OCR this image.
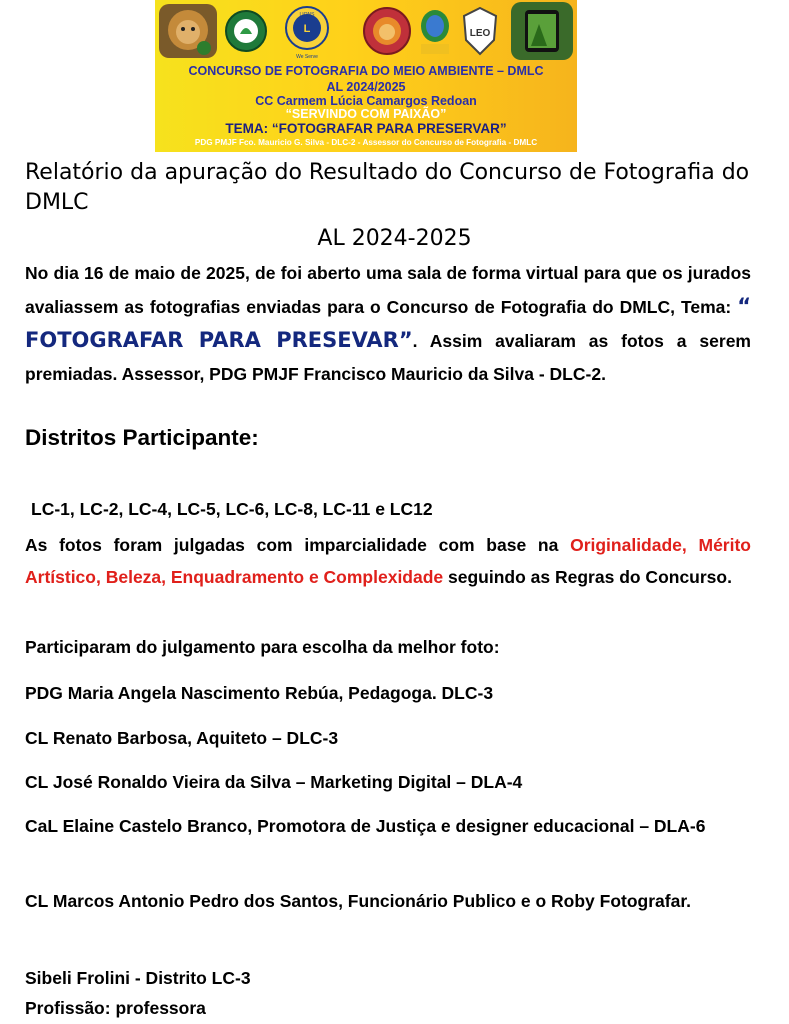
L
LIONS
We Serve
LEO
CONCURSO DE FOTOGRAFIA DO MEIO AMBIENTE – DMLC
AL 2024/2025
CC Carmem Lúcia Camargos Redoan
“SERVINDO COM PAIXÃO”
TEMA: “FOTOGRAFAR PARA PRESERVAR”
PDG PMJF Fco. Mauricio G. Silva - DLC-2 - Assessor do Concurso de Fotografia - DMLC
Relatório da apuração do Resultado do Concurso de Fotografia do DMLC
AL 2024-2025
No dia 16 de maio de 2025, de foi aberto uma sala de forma virtual para que os jurados avaliassem as fotografias enviadas para o Concurso de Fotografia do DMLC, Tema: “ FOTOGRAFAR PARA PRESEVAR”. Assim avaliaram as fotos a serem premiadas. Assessor, PDG PMJF Francisco Mauricio da Silva - DLC-2.
Distritos Participante:
LC-1, LC-2, LC-4, LC-5, LC-6, LC-8, LC-11 e LC12
As fotos foram julgadas com imparcialidade com base na Originalidade, Mérito Artístico, Beleza, Enquadramento e Complexidade seguindo as Regras do Concurso.
Participaram do julgamento para escolha da melhor foto:
PDG Maria Angela Nascimento Rebúa, Pedagoga. DLC-3
CL Renato Barbosa, Aquiteto – DLC-3
CL José Ronaldo Vieira da Silva – Marketing Digital – DLA-4
CaL Elaine Castelo Branco, Promotora de Justiça e designer educacional – DLA-6
CL Marcos Antonio Pedro dos Santos, Funcionário Publico e o Roby Fotografar.
Sibeli Frolini - Distrito LC-3
Profissão: professora
